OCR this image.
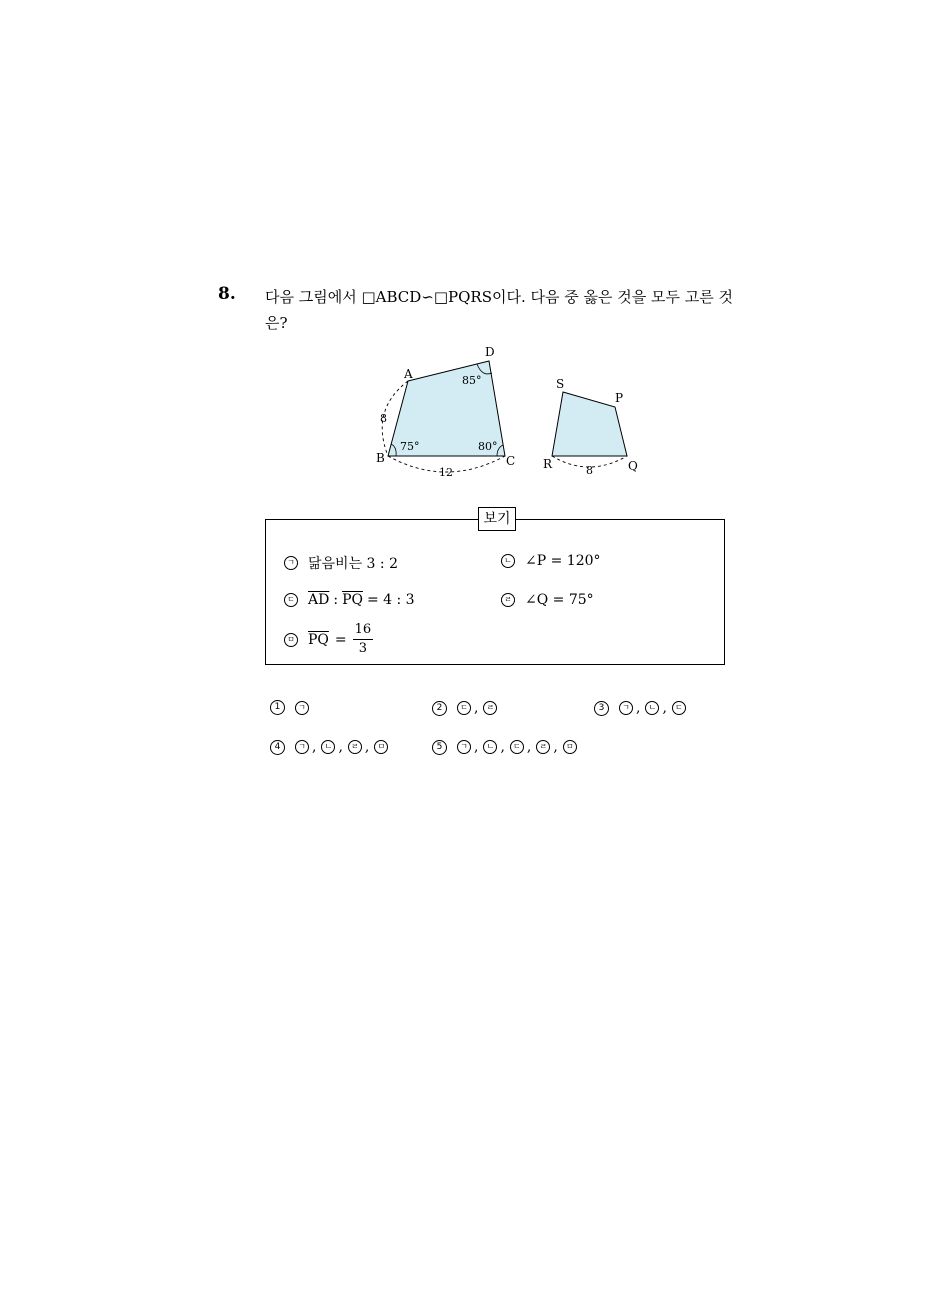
8. 다음 그림에서 □ABCD∽□PQRS이다. 다음 중 옳은 것을 모두 고른 것은?
A
D
B	C
85°
75°	80°
8
12
S
P
R	Q
8
보기
ㄱ 닮음비는 3 : 2	ㄴ ∠P = 120°
ㄷ $\overline{AD}$ : $\overline{PQ} = 4$ : 3	ㄹ ∠Q = 75°
ㅁ $\overline{PQ} = \frac{16}{3}$
1	ㄱ	2	ㄷ ,	ㄹ	3	ㄱ ,	ㄴ ,	ㄷ
4	ㄱ ,	ㄴ ,	ㄹ ,	ㅁ	5	ㄱ ,	ㄴ ,	ㄷ ,	ㄹ ,	ㅁ
